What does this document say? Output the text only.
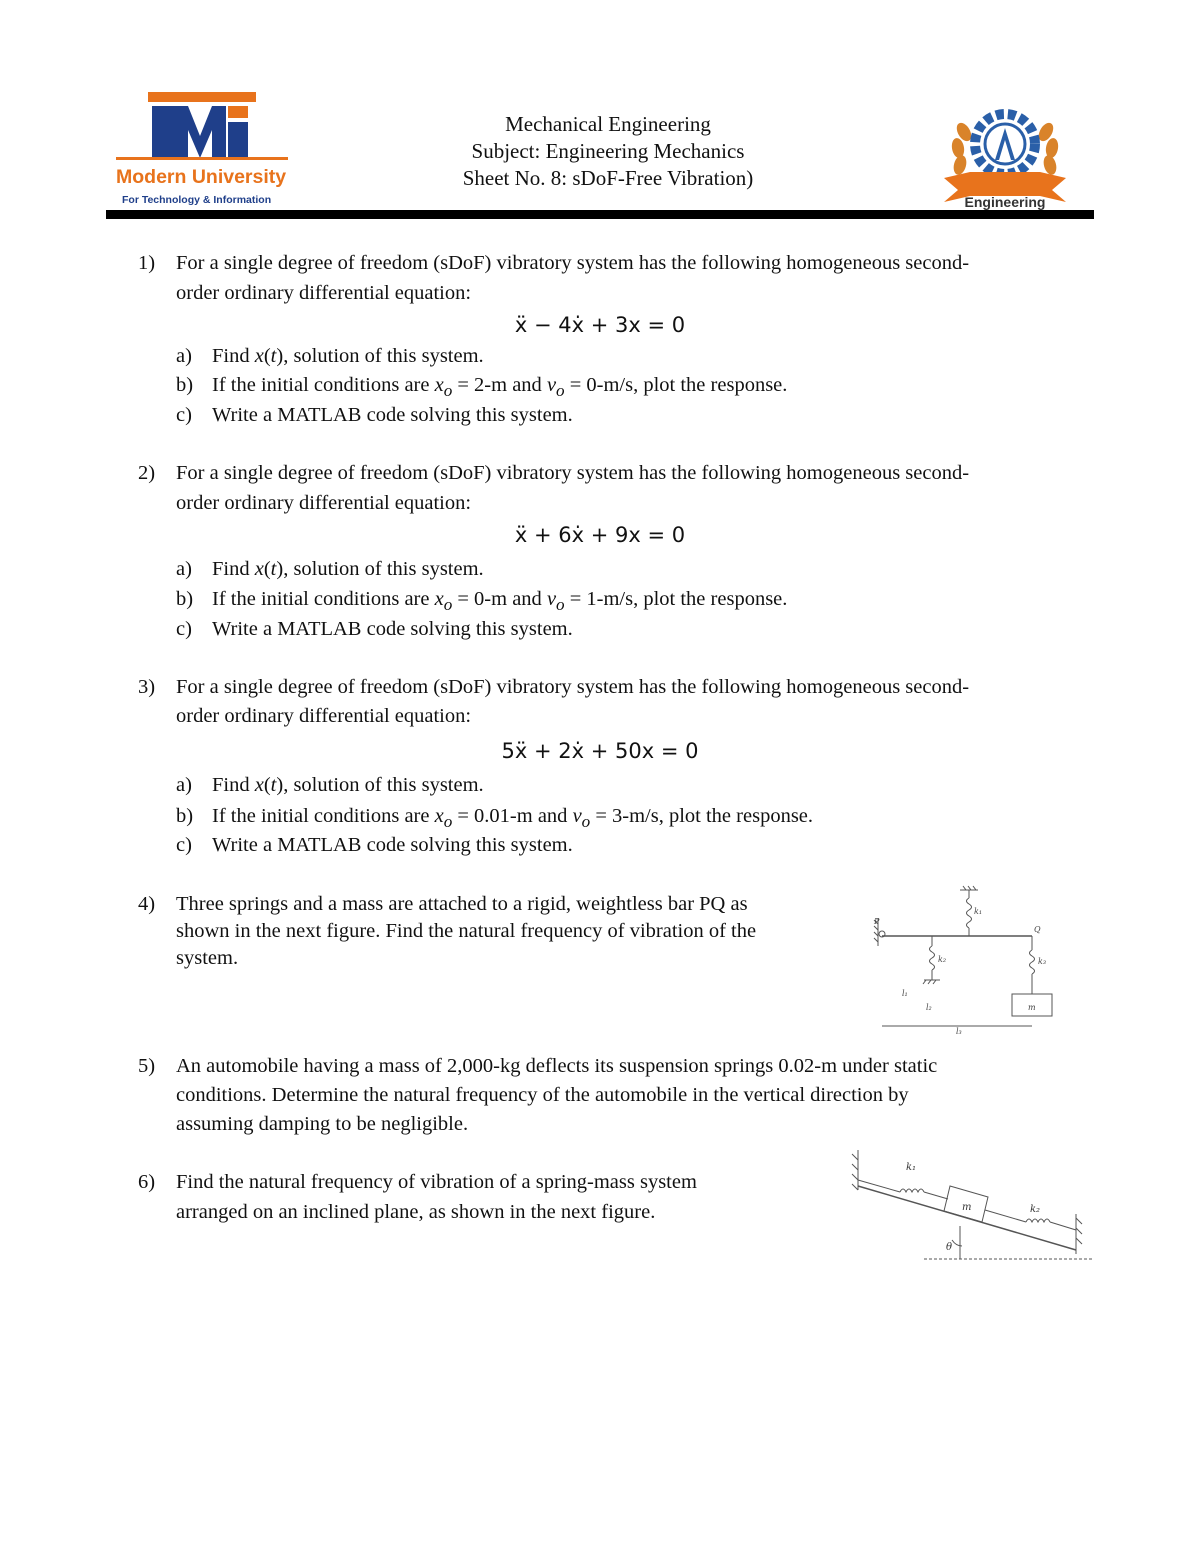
Modern University
For Technology & Information
Mechanical Engineering
Subject: Engineering Mechanics
Sheet No. 8: sDoF-Free Vibration)
Engineering
1) For a single degree of freedom (sDoF) vibratory system has the following homogeneous second-
order ordinary differential equation:
ẍ − 4ẋ + 3x = 0
a) Find x(t), solution of this system.
b) If the initial conditions are $x_o = 2-m$ and $v_o = 0-m/s$, plot the response.
c) Write a MATLAB code solving this system.
2) For a single degree of freedom (sDoF) vibratory system has the following homogeneous second-
order ordinary differential equation:
ẍ + 6ẋ + 9x = 0
a) Find x(t), solution of this system.
b) If the initial conditions are $x_o = 0-m$ and $v_o = 1-m/s$, plot the response.
c) Write a MATLAB code solving this system.
3) For a single degree of freedom (sDoF) vibratory system has the following homogeneous second-
order ordinary differential equation:
5ẍ + 2ẋ + 50x = 0
a) Find x(t), solution of this system.
b) If the initial conditions are $x_o = 0.01-m$ and $v_o = 3-m/s$, plot the response.
c) Write a MATLAB code solving this system.
4) Three springs and a mass are attached to a rigid, weightless bar PQ as
shown in the next figure. Find the natural frequency of vibration of the
system.
P
Q
k₁
k₂	k₃
l₁
l₂
l₃
m
5) An automobile having a mass of 2,000-kg deflects its suspension springs 0.02-m under static
conditions. Determine the natural frequency of the automobile in the vertical direction by
assuming damping to be negligible.
6) Find the natural frequency of vibration of a spring-mass system
arranged on an inclined plane, as shown in the next figure.
k₁
k₂
m
θ
